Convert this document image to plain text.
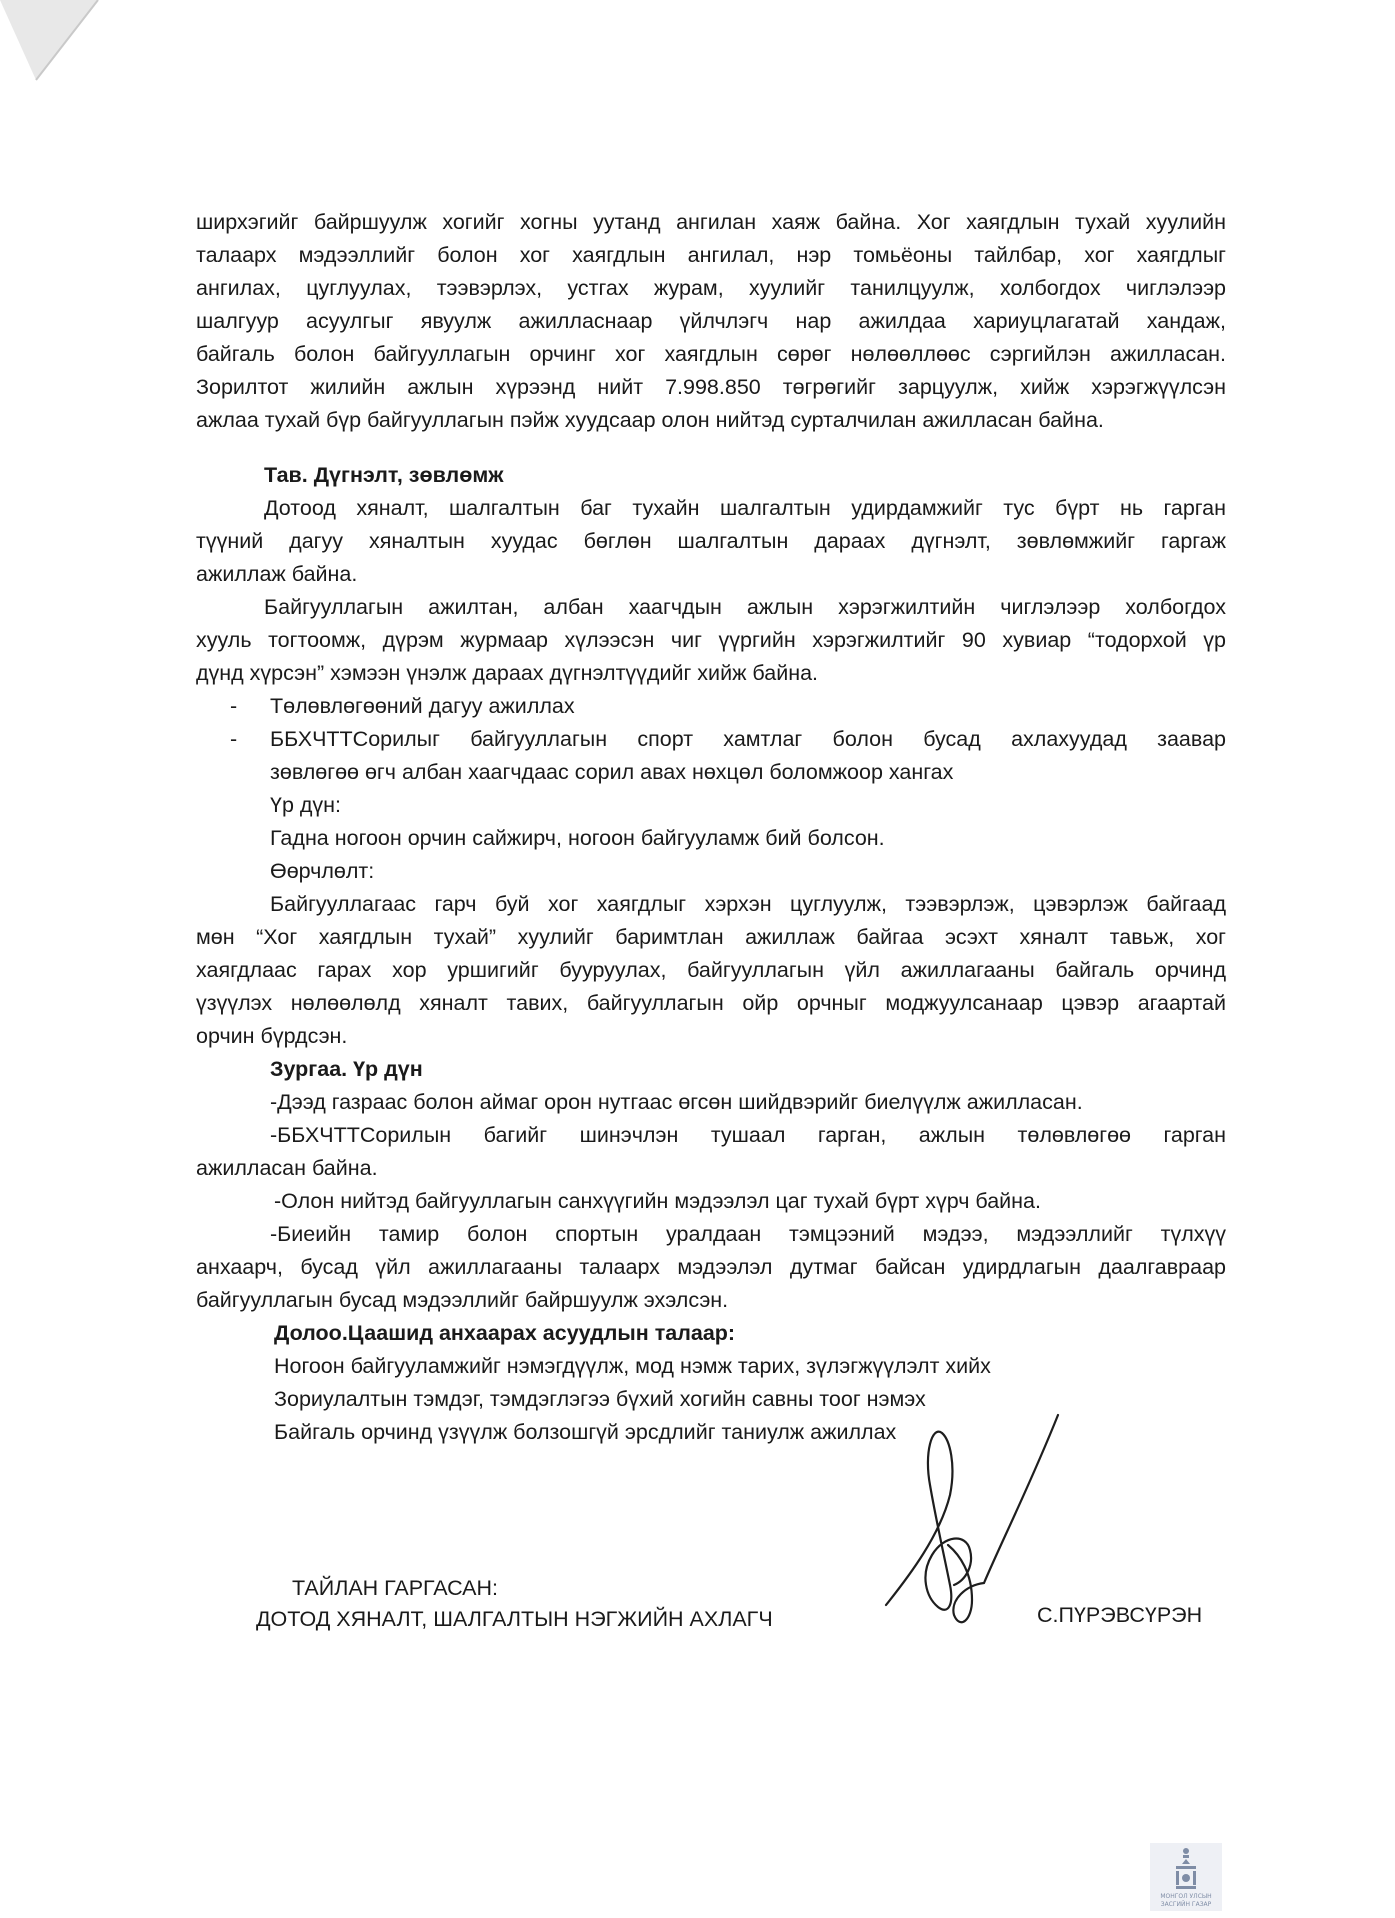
ширхэгийг байршуулж хогийг хогны уутанд ангилан хаяж байна. Хог хаягдлын тухай хуулийн

талаарх мэдээллийг болон хог хаягдлын ангилал, нэр томьёоны тайлбар, хог хаягдлыг

ангилах, цуглуулах, тээвэрлэх, устгах журам, хуулийг танилцуулж, холбогдох чиглэлээр

шалгуур асуулгыг явуулж ажилласнаар үйлчлэгч нар ажилдаа хариуцлагатай хандаж,

байгаль болон байгууллагын орчинг хог хаягдлын сөрөг нөлөөллөөс сэргийлэн ажилласан.

Зорилтот жилийн ажлын хүрээнд нийт 7.998.850 төгрөгийг зарцуулж, хийж хэрэгжүүлсэн

ажлаа тухай бүр байгууллагын пэйж хуудсаар олон нийтэд сурталчилан ажилласан байна.

Тав. Дүгнэлт, зөвлөмж

Дотоод хяналт, шалгалтын баг тухайн шалгалтын удирдамжийг тус бүрт нь гарган

түүний дагуу хяналтын хуудас бөглөн шалгалтын дараах дүгнэлт, зөвлөмжийг гаргаж

ажиллаж байна.

Байгууллагын ажилтан, албан хаагчдын ажлын хэрэгжилтийн чиглэлээр холбогдох

хууль тогтоомж, дүрэм журмаар хүлээсэн чиг үүргийн хэрэгжилтийг 90 хувиар “тодорхой үр

дүнд хүрсэн” хэмээн үнэлж дараах дүгнэлтүүдийг хийж байна.

- Төлөвлөгөөний дагуу ажиллах

- ББХЧТТСорилыг байгууллагын спорт хамтлаг болон бусад ахлахуудад заавар

зөвлөгөө өгч албан хаагчдаас сорил авах нөхцөл боломжоор хангах

Үр дүн:

Гадна ногоон орчин сайжирч, ногоон байгууламж бий болсон.

Өөрчлөлт:

Байгууллагаас гарч буй хог хаягдлыг хэрхэн цуглуулж, тээвэрлэж, цэвэрлэж байгаад

мөн “Хог хаягдлын тухай” хуулийг баримтлан ажиллаж байгаа эсэхт хяналт тавьж, хог

хаягдлаас гарах хор уршигийг бууруулах, байгууллагын үйл ажиллагааны байгаль орчинд

үзүүлэх нөлөөлөлд хяналт тавих, байгууллагын ойр орчныг моджуулсанаар цэвэр агаартай

орчин бүрдсэн.

Зургаа. Үр дүн

-Дээд газраас болон аймаг орон нутгаас өгсөн шийдвэрийг биелүүлж ажилласан.

-ББХЧТТСорилын багийг шинэчлэн тушаал гарган, ажлын төлөвлөгөө гарган

ажилласан байна.

-Олон нийтэд байгууллагын санхүүгийн мэдээлэл цаг тухай бүрт хүрч байна.

-Биеийн тамир болон спортын уралдаан тэмцээний мэдээ, мэдээллийг түлхүү

анхаарч, бусад үйл ажиллагааны талаарх мэдээлэл дутмаг байсан удирдлагын даалгавраар

байгууллагын бусад мэдээллийг байршуулж эхэлсэн.

Долоо.Цаашид анхаарах асуудлын талаар:

Ногоон байгууламжийг нэмэгдүүлж, мод нэмж тарих, зүлэгжүүлэлт хийх

Зориулалтын тэмдэг, тэмдэглэгээ бүхий хогийн савны тоог нэмэх

Байгаль орчинд үзүүлж болзошгүй эрсдлийг таниулж ажиллах

ТАЙЛАН ГАРГАСАН:

ДОТОД ХЯНАЛТ, ШАЛГАЛТЫН НЭГЖИЙН АХЛАГЧ	С.ПҮРЭВСҮРЭН

МОНГОЛ УЛСЫН
ЗАСГИЙН ГАЗАР
